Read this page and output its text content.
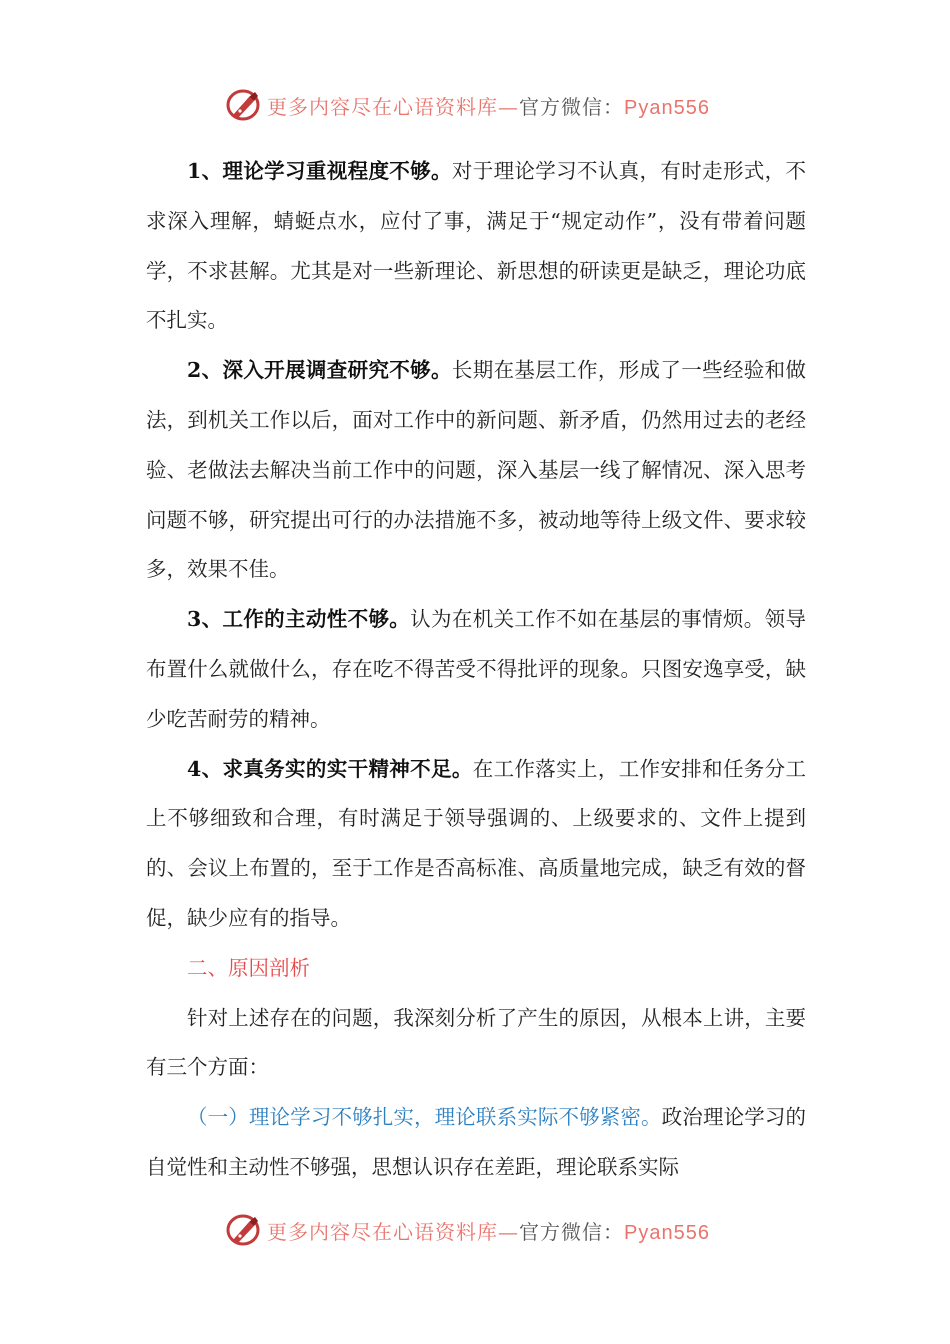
更多内容尽在心语资料库—官方微信：Pyan556

1、理论学习重视程度不够。对于理论学习不认真，有时走形式，不求深入理解，蜻蜓点水，应付了事，满足于“规定动作”，没有带着问题学，不求甚解。尤其是对一些新理论、新思想的研读更是缺乏，理论功底不扎实。

2、深入开展调查研究不够。长期在基层工作，形成了一些经验和做法，到机关工作以后，面对工作中的新问题、新矛盾，仍然用过去的老经验、老做法去解决当前工作中的问题，深入基层一线了解情况、深入思考问题不够，研究提出可行的办法措施不多，被动地等待上级文件、要求较多，效果不佳。

3、工作的主动性不够。认为在机关工作不如在基层的事情烦。领导布置什么就做什么，存在吃不得苦受不得批评的现象。只图安逸享受，缺少吃苦耐劳的精神。

4、求真务实的实干精神不足。在工作落实上，工作安排和任务分工上不够细致和合理，有时满足于领导强调的、上级要求的、文件上提到的、会议上布置的，至于工作是否高标准、高质量地完成，缺乏有效的督促，缺少应有的指导。

二、原因剖析

针对上述存在的问题，我深刻分析了产生的原因，从根本上讲，主要有三个方面：

（一）理论学习不够扎实，理论联系实际不够紧密。政治理论学习的自觉性和主动性不够强，思想认识存在差距，理论联系实际

更多内容尽在心语资料库—官方微信：Pyan556
